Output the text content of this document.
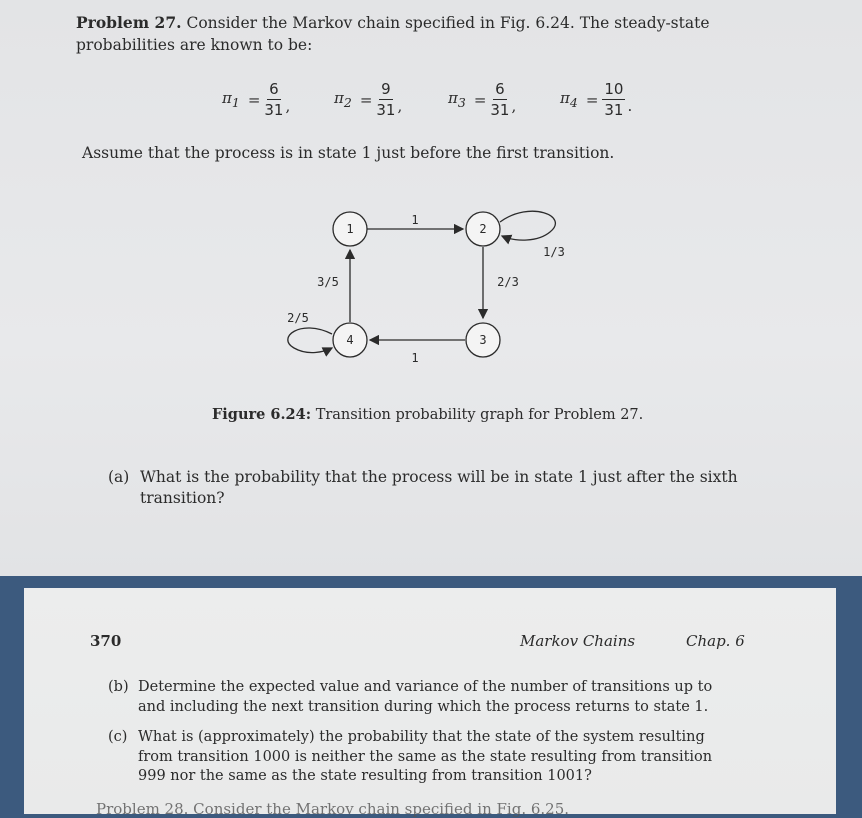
Problem 27. Consider the Markov chain specified in Fig. 6.24. The steady-state probabilities are known to be:
$\pi_1 = \frac{6}{31}$ ,	$\pi_2 = \frac{9}{31}$ ,	$\pi_3 = \frac{6}{31}$ ,	$\pi_4 = \frac{10}{31}$ .
Assume that the process is in state 1 just before the first transition.
1	2
3
4
1
1/3
2/3
1
3/5
2/5
Figure 6.24: Transition probability graph for Problem 27.
(a) What is the probability that the process will be in state 1 just after the sixth
transition?
370	Markov Chains	Chap. 6
(b) Determine the expected value and variance of the number of transitions up to
and including the next transition during which the process returns to state 1.
(c) What is (approximately) the probability that the state of the system resulting
from transition 1000 is neither the same as the state resulting from transition
999 nor the same as the state resulting from transition 1001?
Problem 28. Consider the Markov chain specified in Fig. 6.25.
